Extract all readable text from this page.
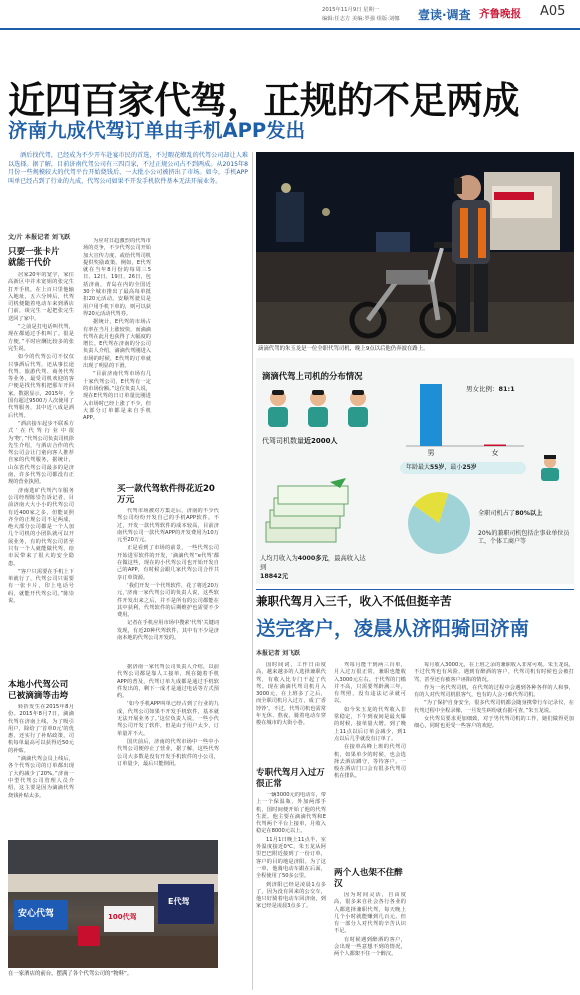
2015年11月9日 星期一
编辑:任志方 美编:罗强 组版:刘娜 壹读·调查 齐鲁晚报 A05
近四百家代驾，正规的不足两成
济南九成代驾订单由手机APP发出
酒后找代驾，已经成为不少开车赴宴市民的首选，不过暇花缭乱的代驾公司却让人难以选择。据了解，目前济南代驾公司有三四百家，不过正规公司占不到两成。从2015年8月份一些规模较大的代驾平台开始烧钱后，一大批小公司被挤出了市场。如今，手机APP叫单已经占到了行业的九成，代驾公司如果不开发手机软件基本无法开展业务。
文/片 本报记者 刘飞跃
只要一张卡片就能干代价

居家20年的宽宇，家住高新区中并未宽姐的张完生打开手机，在上百只里他输入地址，五六分钟后，代驾司机便随着电动车来到酒店门前，谈完生一起把张完生送回了家中。

“之前是打电话叫代驾，现在都通过手机叫了。很是方便，”平时应酬比较多的张完生说。

如今的代驾公司不仅仅只事酒后代驾，还从事长途代驾、旅游代驾、商务代驾等业务，最受司机欢迎的客户便是找代驾机把那车开回家。数据显示，2015年，全国有超过9500万人次使用了代驾服务，其中近八成是酒后代驾。

“酒店接车起步不联系方式‘在代驾行业中很为‘物’，”代驾公司负责司机徐先生介绍，与酒店合作的代驾公司会让门童向客人推荐自家的代驾服务，据统计，山东省代驾公司最多的是济南，许多代驾公司都没有正规的营业执照。

济南选矿代驾汽车服务公司经理陈崇告诉记者，目前济南大大小小的代驾公司有近400家之多，但能证照齐全的正规公司不足两成，绝大部分公司都是一个人加几个司机的小团队就可以开展业务，有的代驾公司甚至只有一个人就能做代驾，给市民带来了很大的安全隐患。

“客户只需要在手机上下单就行了，代驾公司只需要有一张卡片，印上电话号码，就能开代驾公司。”陈崇说。

本地小代驾公司已被滴滴等击垮

转折发生在2015年8月份。2015年8月7日，滴滴代驾在济南上线，为了吸引用户，除给了‘首单0元’的优惠，还实行了补贴政策，司机每单最高可以获得近50元的补贴。

“滴滴代驾会员上线后，各个代驾公司的订单都出现了大约减少了20%。”济南一中型代驾公司管理人员介绍，这主要是因为滴滴代驾烧钱补贴太多。

为应对日趋激烈的代驾市场的竞争，不少代驾公司开始加大宣传力度，或给代驾司机提供奖励政策。例如，E代驾就在当年8月份的每周三5日、12日、19日、26日，包括济南，青岛在内的全国近30个城市推出了最高每单抵扣20元活动。安顺驾驶员是用户用手机下单的，则可以获得20元活动代驾券。

据统计，E代驾的市场占有率在当月上涨较快，而滴滴代驾在此月也获得了大幅度的增长。E代驾在济南的分公司负责人介绍，滴滴代驾刚进入市场的时候，E代驾的订单就出现了明显的下滑。

“目前济南代驾市场有几十家代驾公司，E代驾有一定的市场份额。”这位负责人说，现在E代驾的日订单量比刚进入市场时已经上涨了不少，但大部分订单都是来自手机APP。

买一款代驾软件得花近20万元

代驾市场被对方集走后，济南的不少代驾公司纷纷开发自己的手机APP软件。不过，开发一款代驾软件的成本较高，目前济南代驾公司一款代驾APP的开发费用为10万元至20万元。

正是看到了市场的前景，一些代驾公司开始进军软件的开发，‘滴滴代驾’‘e代驾’都在做这些，现在的小代驾公司也开始开发自己的APP，有时候会跟几家代驾公司合作共享订单资源。

‘我们开发一个代驾软件，花了将近20万元，’济南一家代驾公司的负责人说，这些软件开发出来之后，并不是所有的公司都能在其中获利，代驾软件的后期维护也需要不少费用。

记者在手机应用市场中搜索‘代驾’关键词发现，有近20种代驾软件，其中有不少是济南本地的代驾公司开发的。

据济南一家代驾公司负责人介绍，以前代驾公司都是靠人工接单，现在随着手机APP的普及，代驾订单九成都是通过手机软件发出的，剩下一成才是通过电话等方式预约。

‘如今手机APP叫单已经占到了行业的九成，代驾公司如果不开发手机软件，基本就无法开展业务了。’这位负责人说，一些小代驾公司开发了软件，但是由于用户太少，订单量并不大。

国庆前后，济南的代驾市场中一些中小代驾公司便停止了营业，据了解，这些代驾公司大多数是没有开发手机软件的小公司，订单量少，最后只能倒闭。

滴滴代驾的朱玉龙是一位全职代驾司机，晚上9点以后他仍奔波在路上。
滴滴代驾上司机的分布情况
代驾司机数量近2000人
男	女
男女比例：81:1
年龄最大55岁，最小25岁
人均月收入为4000多元，最高收入达到
18842元
全职司机占了80%以上
20%的兼职司机包括企事业单位员工，个体工商户等
兼职代驾月入三千，收入不低但挺辛苦
送完客户，凌晨从济阳骑回济南
本报记者 刘飞跃

国时间词，工作日由度高，越来越多的人选择兼职代驾，有收入比专门干起了代驾。现在滴滴代驾司机月入3000元，在上班多了之后，而全职司机月入过万，成了‘香饽饽’。不过，代驾司机也需常年无休、熬夜，骑着电动车穿梭在城市的大街小巷。

专职代驾月入过万很正常

一辆3000元的电动车，带上一个保温瓶、外加两部手机，国时间便开始了他的代驾生涯。他主要在滴滴代驾和E代驾两个平台上接单，月收入稳定在8000元以上。

11月1日晚上11点半，室外温度接近0℃，朱玉龙从阿里巴巴附近接到了一份订单，客户的目的地是济阳。为了这一单，他骑电动车跟在后面，全程使用了50多公里。

到济阳已经是凌晨1点多了，因为没有回来的公交车，他只好骑着电动车回济南，到家已经是凌晨3点多了。

驾每月能干到两三百单，月入过万很正常，兼职也能收入3000元左右。于代驾的门槛并不高，只需要驾龄满三年，有驾照，没有违法记录就可以。

如今朱玉龙的代驾收入非常稳定，下午到夜间是最火爆的时候，接单量大增。到了晚上11点以后订单会减少，到1点以后几乎就没有订单了。

在接单高峰上班的代驾司机，如果单少的时候，也会选择去酒店蹲守，等待客户。一般在酒店门口会有很多代驾司机在排队。

两个人也架不住醉汉

因为时间灵活，自由度高，很多来自社会各行各业的人都选择兼职代驾，每天晚上几个小时就能赚到几百元。但有一部分人对代驾的辛苦认识不足。

有时候遇到醉酒的客户，会出现一些意想不到的情况，两个人都架不住一个醉汉。

每月收入3000元，在上班之余的兼职收入非常可观。朱玉龙说，不过代驾也有风险，遇到有醉酒的客户，代驾司机有时候也会被打骂，甚至还有被客户诬陷的情况。

作为一名代驾司机，在代驾的过程中会遇到各种各样的人和事，有的人对代驾司机很客气，也有的人会刁难代驾司机。

“为了保护自身安全，很多代驾司机都会随身携带行车记录仪，在代驾过程中全程录像，一旦发生纠纷就有据可查，”朱玉龙说。

女代驾员要求更加细致，对于男代驾司机的工作，她们做得更加细心，同时也更受一些客户的欢迎。

安心代驾
E代驾
100代驾
在一家酒店的前台，摆满了各个代驾公司的“物料”。
